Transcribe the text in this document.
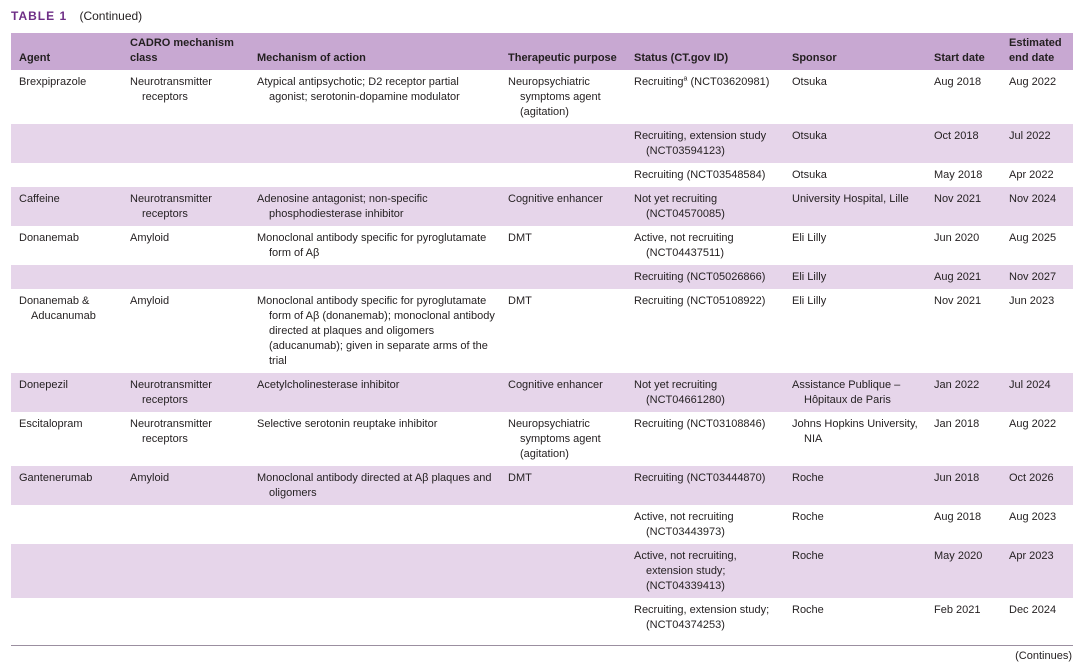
TABLE 1 (Continued)
Agent	CADRO mechanism class	Mechanism of action	Therapeutic purpose	Status (CT.gov ID)	Sponsor	Start date	Estimated end date

Brexpiprazole	Neurotransmitter receptors	Atypical antipsychotic; D2 receptor partial agonist; serotonin-dopamine modulator	Neuropsychiatric symptoms agent (agitation)	Recruiting$^a$ (NCT03620981)	Otsuka	Aug 2018	Aug 2022

				Recruiting, extension study (NCT03594123)	Otsuka	Oct 2018	Jul 2022

				Recruiting (NCT03548584)	Otsuka	May 2018	Apr 2022

Caffeine	Neurotransmitter receptors	Adenosine antagonist; non-specific phosphodiesterase inhibitor	Cognitive enhancer	Not yet recruiting (NCT04570085)	University Hospital, Lille	Nov 2021	Nov 2024

Donanemab	Amyloid	Monoclonal antibody specific for pyroglutamate form of Aβ	DMT	Active, not recruiting (NCT04437511)	Eli Lilly	Jun 2020	Aug 2025

				Recruiting (NCT05026866)	Eli Lilly	Aug 2021	Nov 2027

Donanemab & Aducanumab	Amyloid	Monoclonal antibody specific for pyroglutamate form of Aβ (donanemab); monoclonal antibody directed at plaques and oligomers (aducanumab); given in separate arms of the trial	DMT	Recruiting (NCT05108922)	Eli Lilly	Nov 2021	Jun 2023

Donepezil	Neurotransmitter receptors	Acetylcholinesterase inhibitor	Cognitive enhancer	Not yet recruiting (NCT04661280)	Assistance Publique – Hôpitaux de Paris	Jan 2022	Jul 2024

Escitalopram	Neurotransmitter receptors	Selective serotonin reuptake inhibitor	Neuropsychiatric symptoms agent (agitation)	Recruiting (NCT03108846)	Johns Hopkins University, NIA	Jan 2018	Aug 2022

Gantenerumab	Amyloid	Monoclonal antibody directed at Aβ plaques and oligomers	DMT	Recruiting (NCT03444870)	Roche	Jun 2018	Oct 2026

				Active, not recruiting (NCT03443973)	Roche	Aug 2018	Aug 2023

				Active, not recruiting, extension study; (NCT04339413)	Roche	May 2020	Apr 2023

				Recruiting, extension study; (NCT04374253)	Roche	Feb 2021	Dec 2024
(Continues)
